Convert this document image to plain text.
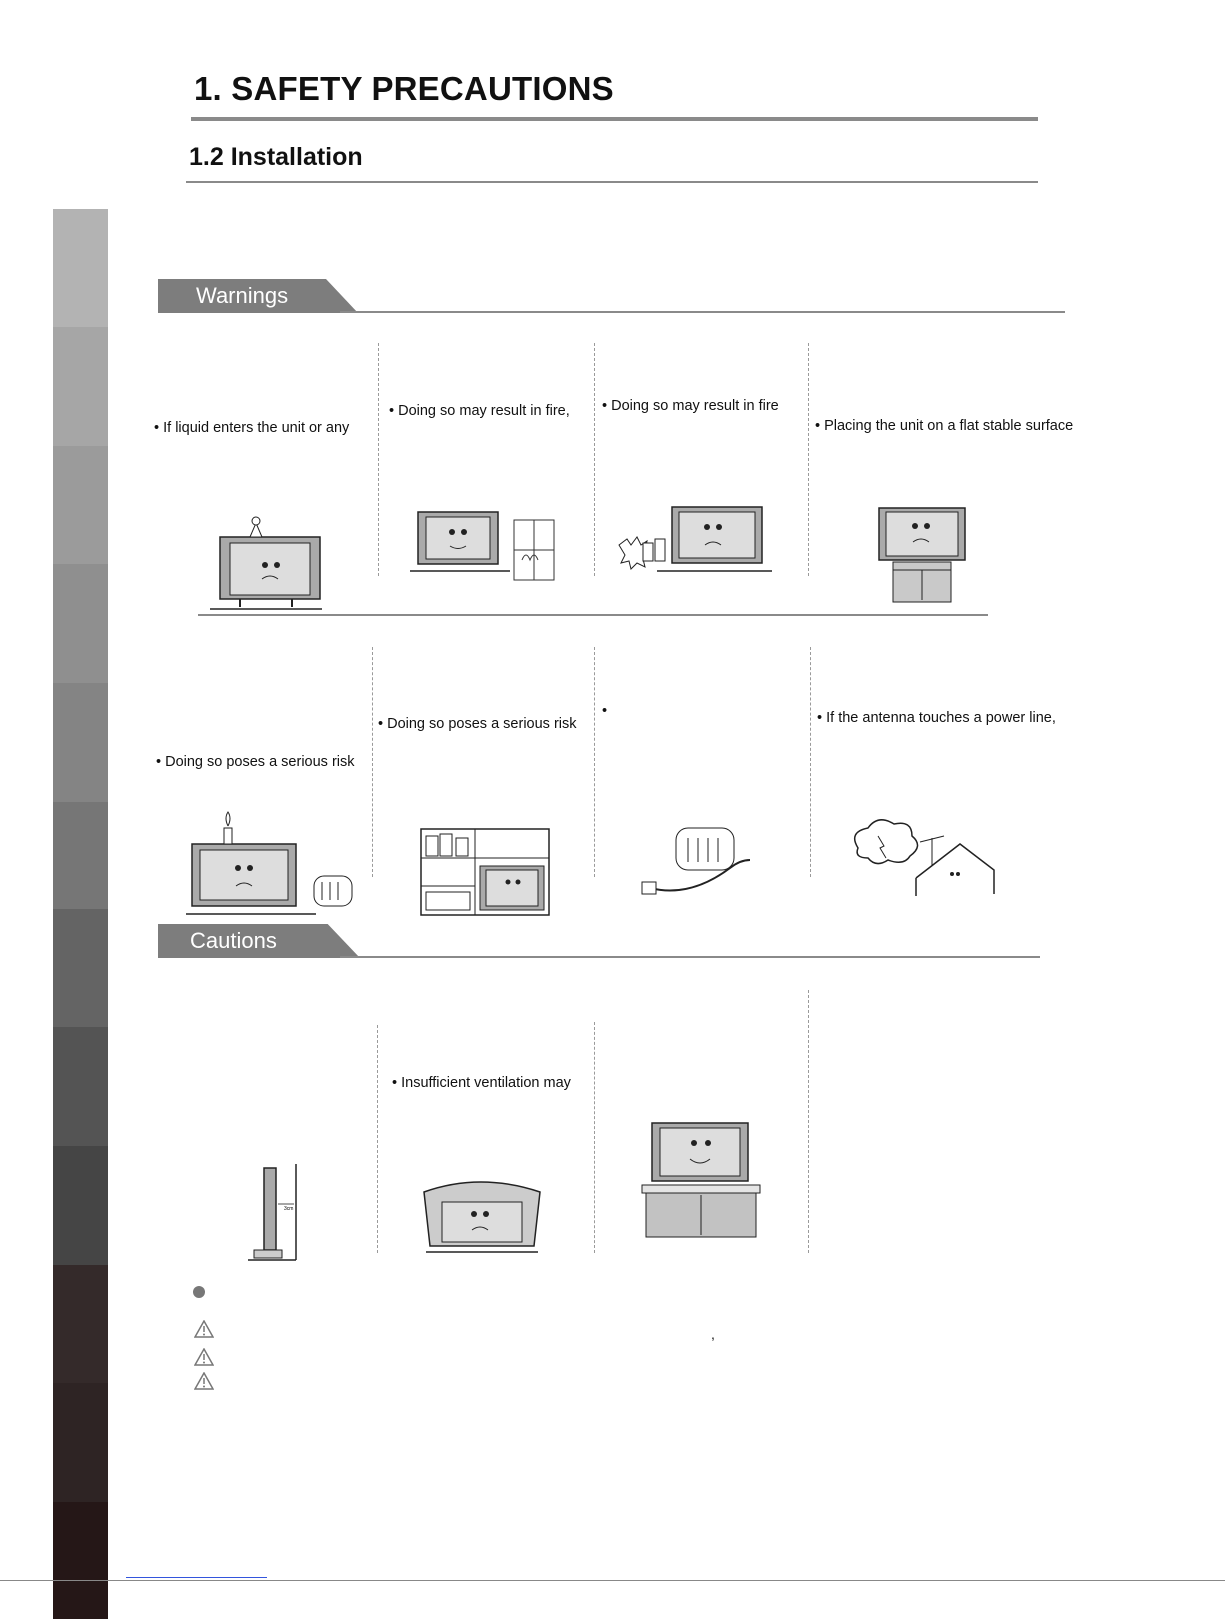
1. SAFETY PRECAUTIONS
1.2 Installation
Warnings
• If liquid enters the unit or any
• Doing so may result in fire, • Doing so may result in fire
• Placing the unit on a flat stable surface
• Doing so poses a serious risk
• Doing so poses a serious risk
•	• If the antenna touches a power line,
Cautions
• Insufficient ventilation may
3cm
,
